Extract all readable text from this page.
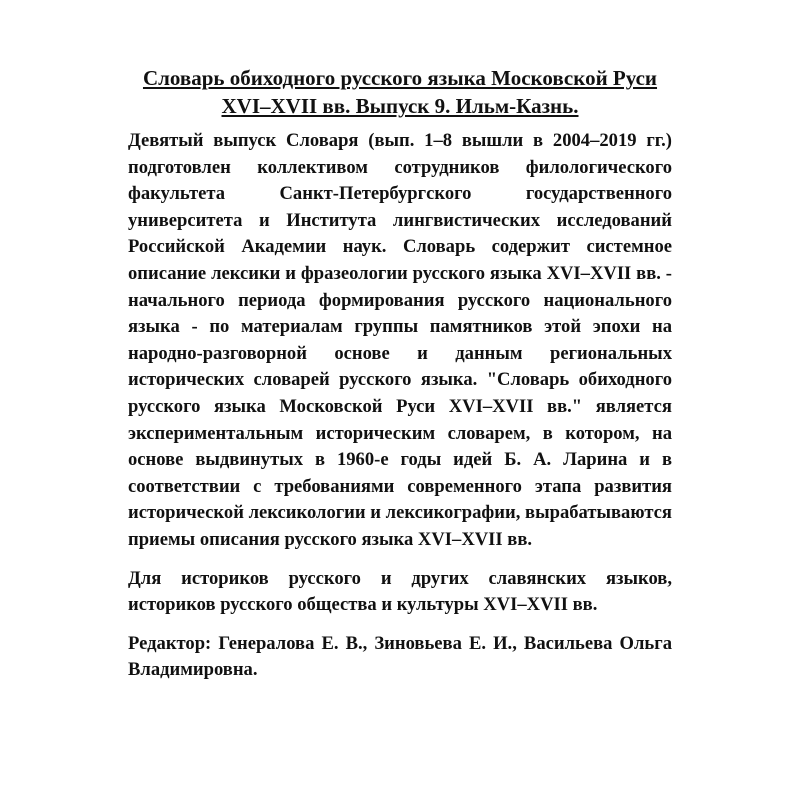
Словарь обиходного русского языка Московской Руси XVI–XVII вв. Выпуск 9. Ильм-Казнь.

Девятый выпуск Словаря (вып. 1–8 вышли в 2004–2019 гг.) подготовлен коллективом сотрудников филологического факультета Санкт-Петербургского государственного университета и Института лингвистических исследований Российской Академии наук. Словарь содержит системное описание лексики и фразеологии русского языка XVI–XVII вв. - начального периода формирования русского национального языка - по материалам группы памятников этой эпохи на народно-разговорной основе и данным региональных исторических словарей русского языка. "Словарь обиходного русского языка Московской Руси XVI–XVII вв." является экспериментальным историческим словарем, в котором, на основе выдвинутых в 1960-е годы идей Б. А. Ларина и в соответствии с требованиями современного этапа развития исторической лексикологии и лексикографии, вырабатываются приемы описания русского языка XVI–XVII вв.

Для историков русского и других славянских языков, историков русского общества и культуры XVI–XVII вв.

Редактор: Генералова Е. В., Зиновьева Е. И., Васильева Ольга Владимировна.
